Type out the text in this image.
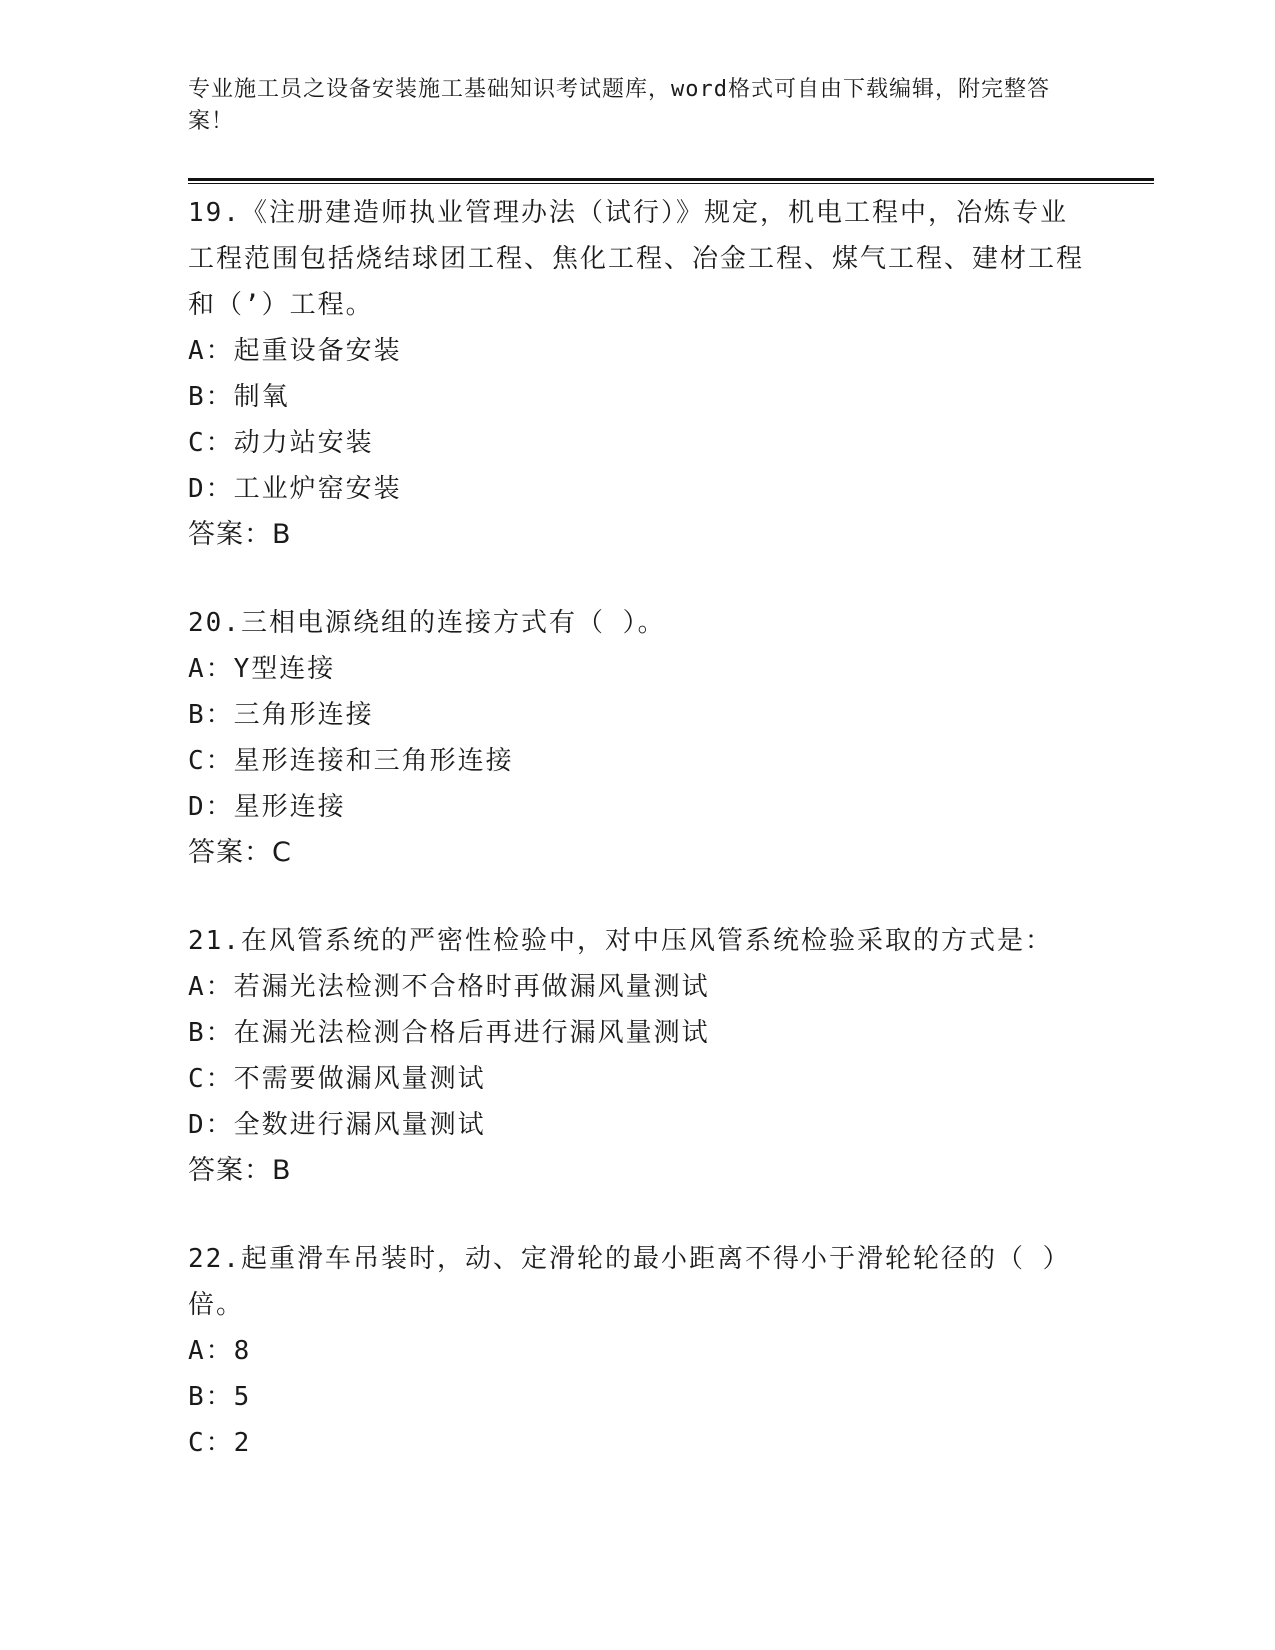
专业施工员之设备安装施工基础知识考试题库，word格式可自由下载编辑，附完整答案！
19.《注册建造师执业管理办法（试行）》规定，机电工程中，冶炼专业工程范围包括烧结球团工程、焦化工程、冶金工程、煤气工程、建材工程和（’）工程。
A：起重设备安装
B：制氧
C：动力站安装
D：工业炉窑安装
答案：B
20.三相电源绕组的连接方式有（ ）。
A：Y型连接
B：三角形连接
C：星形连接和三角形连接
D：星形连接
答案：C
21.在风管系统的严密性检验中，对中压风管系统检验采取的方式是：
A：若漏光法检测不合格时再做漏风量测试
B：在漏光法检测合格后再进行漏风量测试
C：不需要做漏风量测试
D：全数进行漏风量测试
答案：B
22.起重滑车吊装时，动、定滑轮的最小距离不得小于滑轮轮径的（ ）倍。
A：8
B：5
C：2
